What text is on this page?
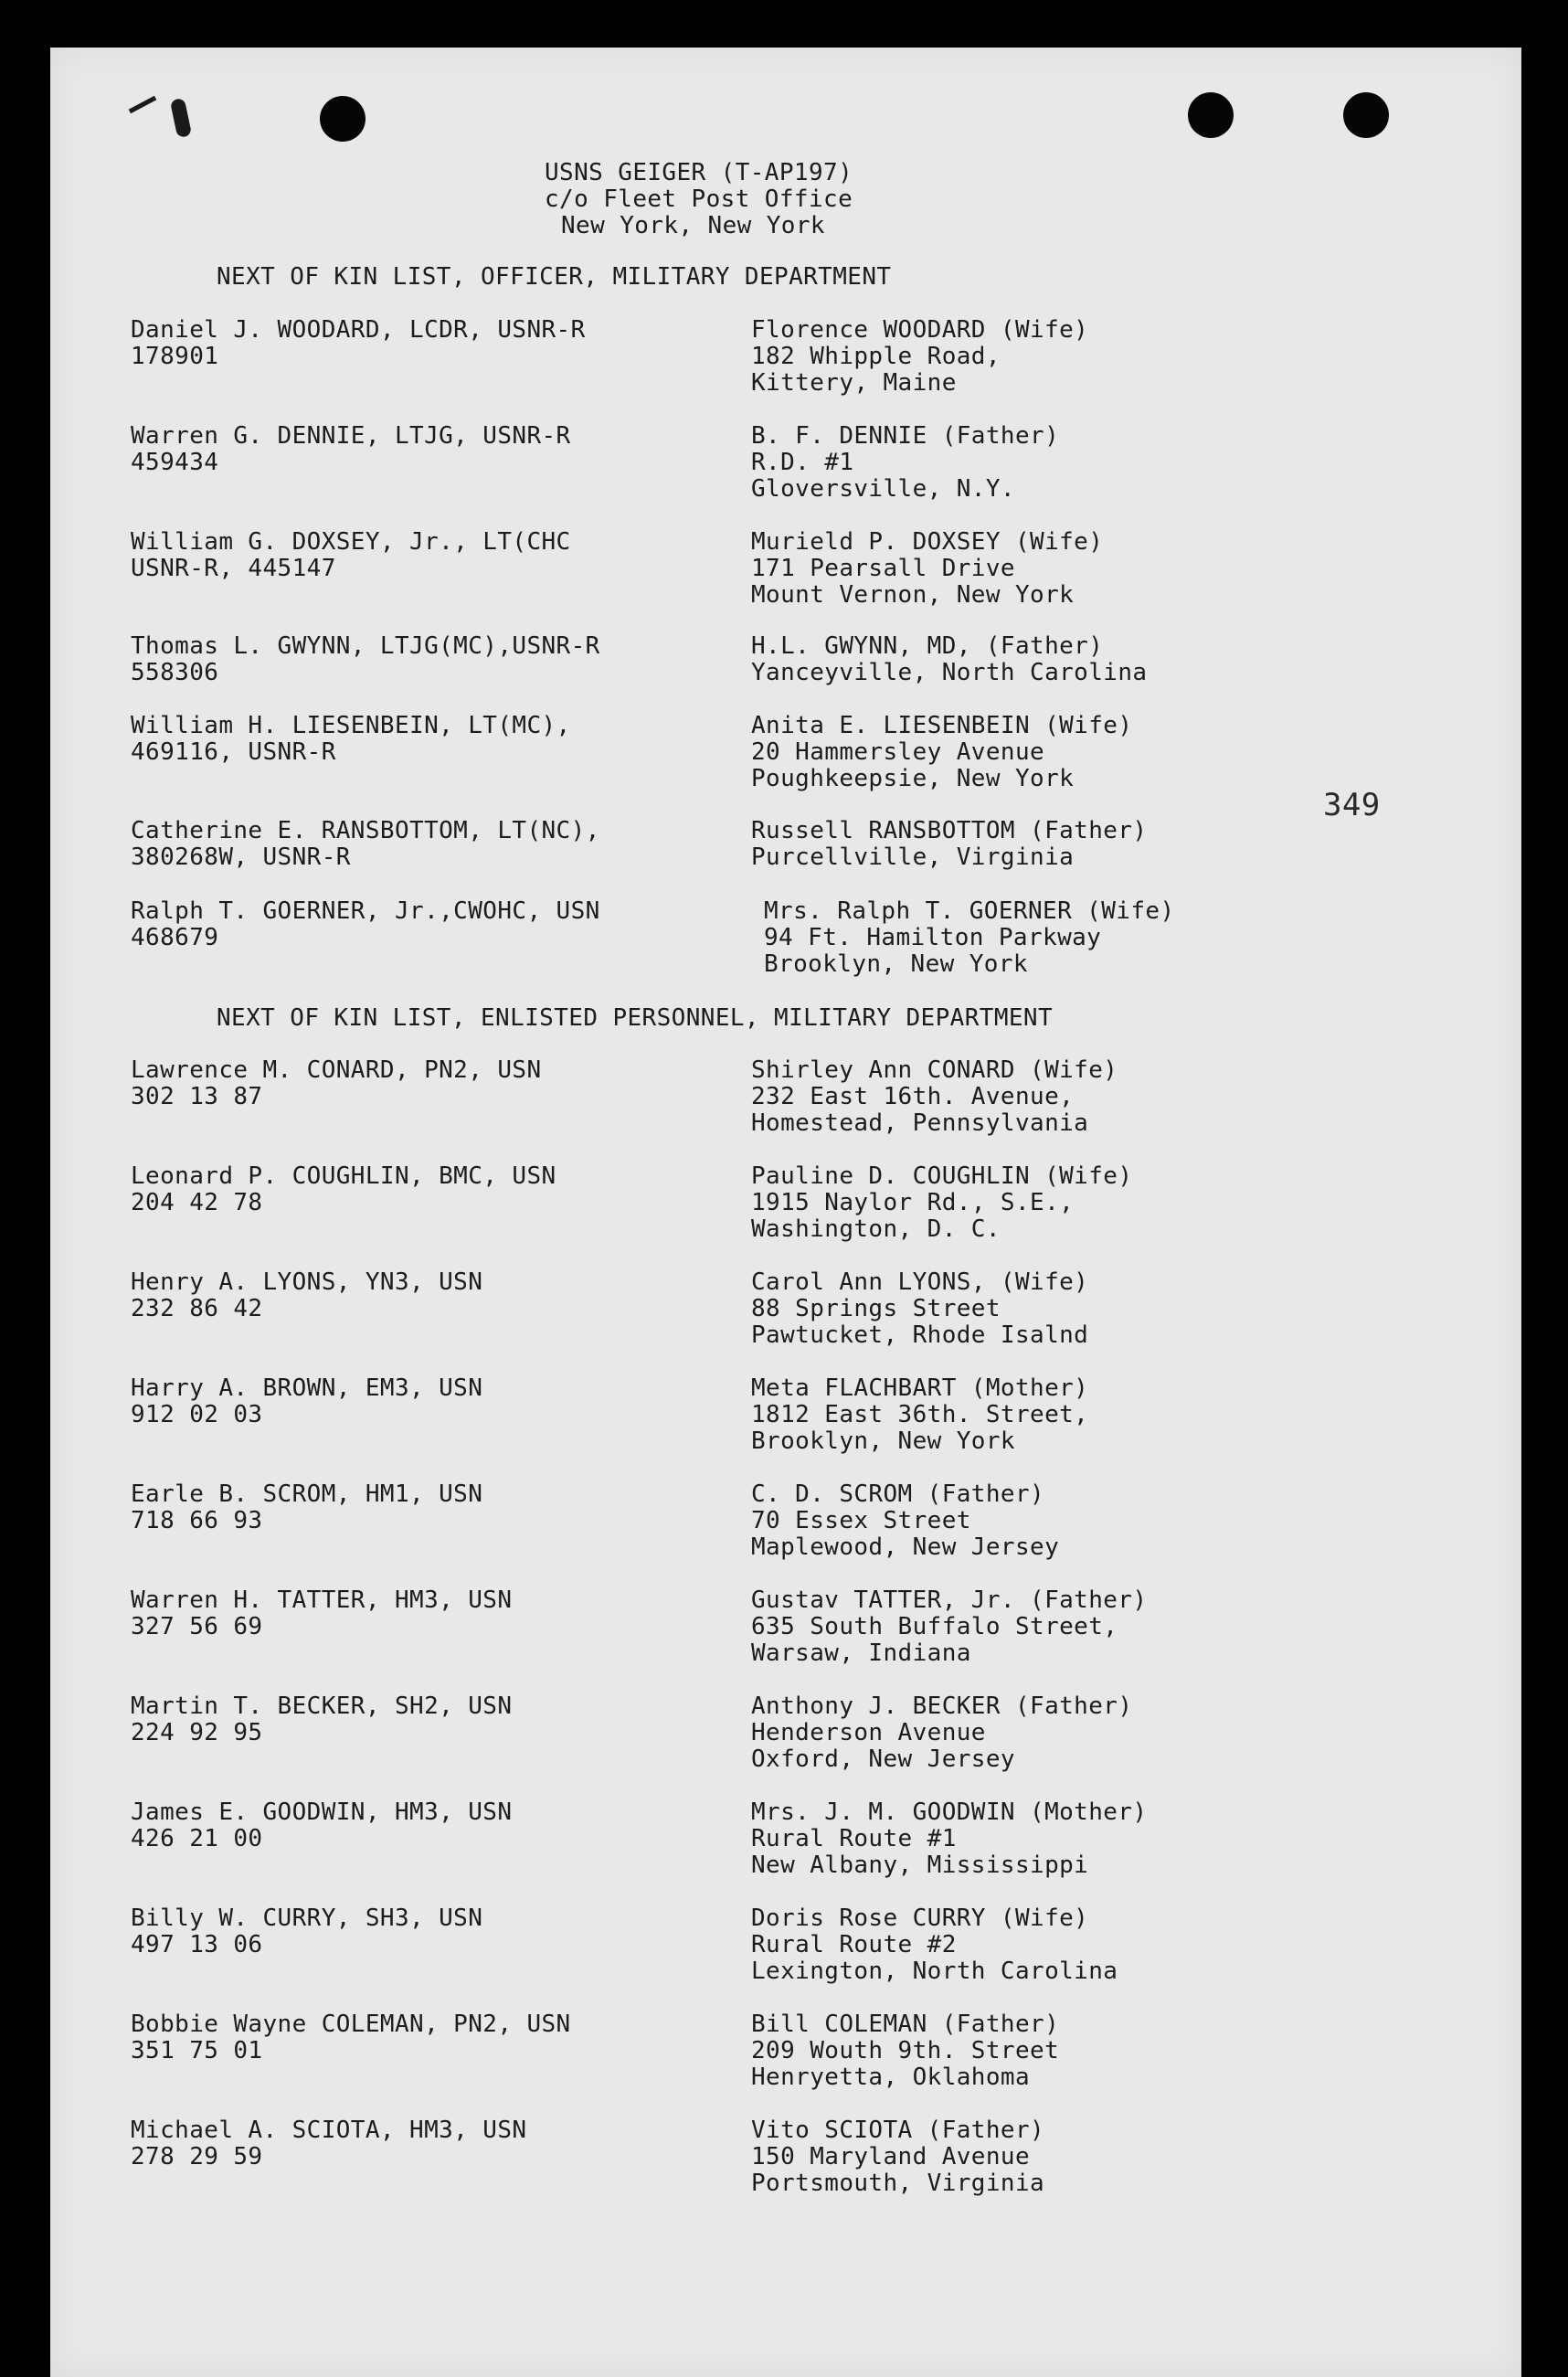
USNS GEIGER (T-AP197)
c/o Fleet Post Office
New York, New York
NEXT OF KIN LIST, OFFICER, MILITARY DEPARTMENT
Daniel J. WOODARD, LCDR, USNR-R
178901
Florence WOODARD (Wife)
182 Whipple Road,
Kittery, Maine
Warren G. DENNIE, LTJG, USNR-R
459434
B. F. DENNIE (Father)
R.D. #1
Gloversville, N.Y.
William G. DOXSEY, Jr., LT(CHC
USNR-R, 445147
Murield P. DOXSEY (Wife)
171 Pearsall Drive
Mount Vernon, New York
Thomas L. GWYNN, LTJG(MC),USNR-R
558306
H.L. GWYNN, MD, (Father)
Yanceyville, North Carolina
William H. LIESENBEIN, LT(MC),
469116, USNR-R
Anita E. LIESENBEIN (Wife)
20 Hammersley Avenue
Poughkeepsie, New York
Catherine E. RANSBOTTOM, LT(NC),
380268W, USNR-R
Russell RANSBOTTOM (Father)
Purcellville, Virginia
Ralph T. GOERNER, Jr.,CWOHC, USN
468679
Mrs. Ralph T. GOERNER (Wife)
94 Ft. Hamilton Parkway
Brooklyn, New York
NEXT OF KIN LIST, ENLISTED PERSONNEL, MILITARY DEPARTMENT
Lawrence M. CONARD, PN2, USN
302 13 87
Shirley Ann CONARD (Wife)
232 East 16th. Avenue,
Homestead, Pennsylvania
Leonard P. COUGHLIN, BMC, USN
204 42 78
Pauline D. COUGHLIN (Wife)
1915 Naylor Rd., S.E.,
Washington, D. C.
Henry A. LYONS, YN3, USN
232 86 42
Carol Ann LYONS, (Wife)
88 Springs Street
Pawtucket, Rhode Isalnd
Harry A. BROWN, EM3, USN
912 02 03
Meta FLACHBART (Mother)
1812 East 36th. Street,
Brooklyn, New York
Earle B. SCROM, HM1, USN
718 66 93
C. D. SCROM (Father)
70 Essex Street
Maplewood, New Jersey
Warren H. TATTER, HM3, USN
327 56 69
Gustav TATTER, Jr. (Father)
635 South Buffalo Street,
Warsaw, Indiana
Martin T. BECKER, SH2, USN
224 92 95
Anthony J. BECKER (Father)
Henderson Avenue
Oxford, New Jersey
James E. GOODWIN, HM3, USN
426 21 00
Mrs. J. M. GOODWIN (Mother)
Rural Route #1
New Albany, Mississippi
Billy W. CURRY, SH3, USN
497 13 06
Doris Rose CURRY (Wife)
Rural Route #2
Lexington, North Carolina
Bobbie Wayne COLEMAN, PN2, USN
351 75 01
Bill COLEMAN (Father)
209 Wouth 9th. Street
Henryetta, Oklahoma
Michael A. SCIOTA, HM3, USN
278 29 59
Vito SCIOTA (Father)
150 Maryland Avenue
Portsmouth, Virginia
349
